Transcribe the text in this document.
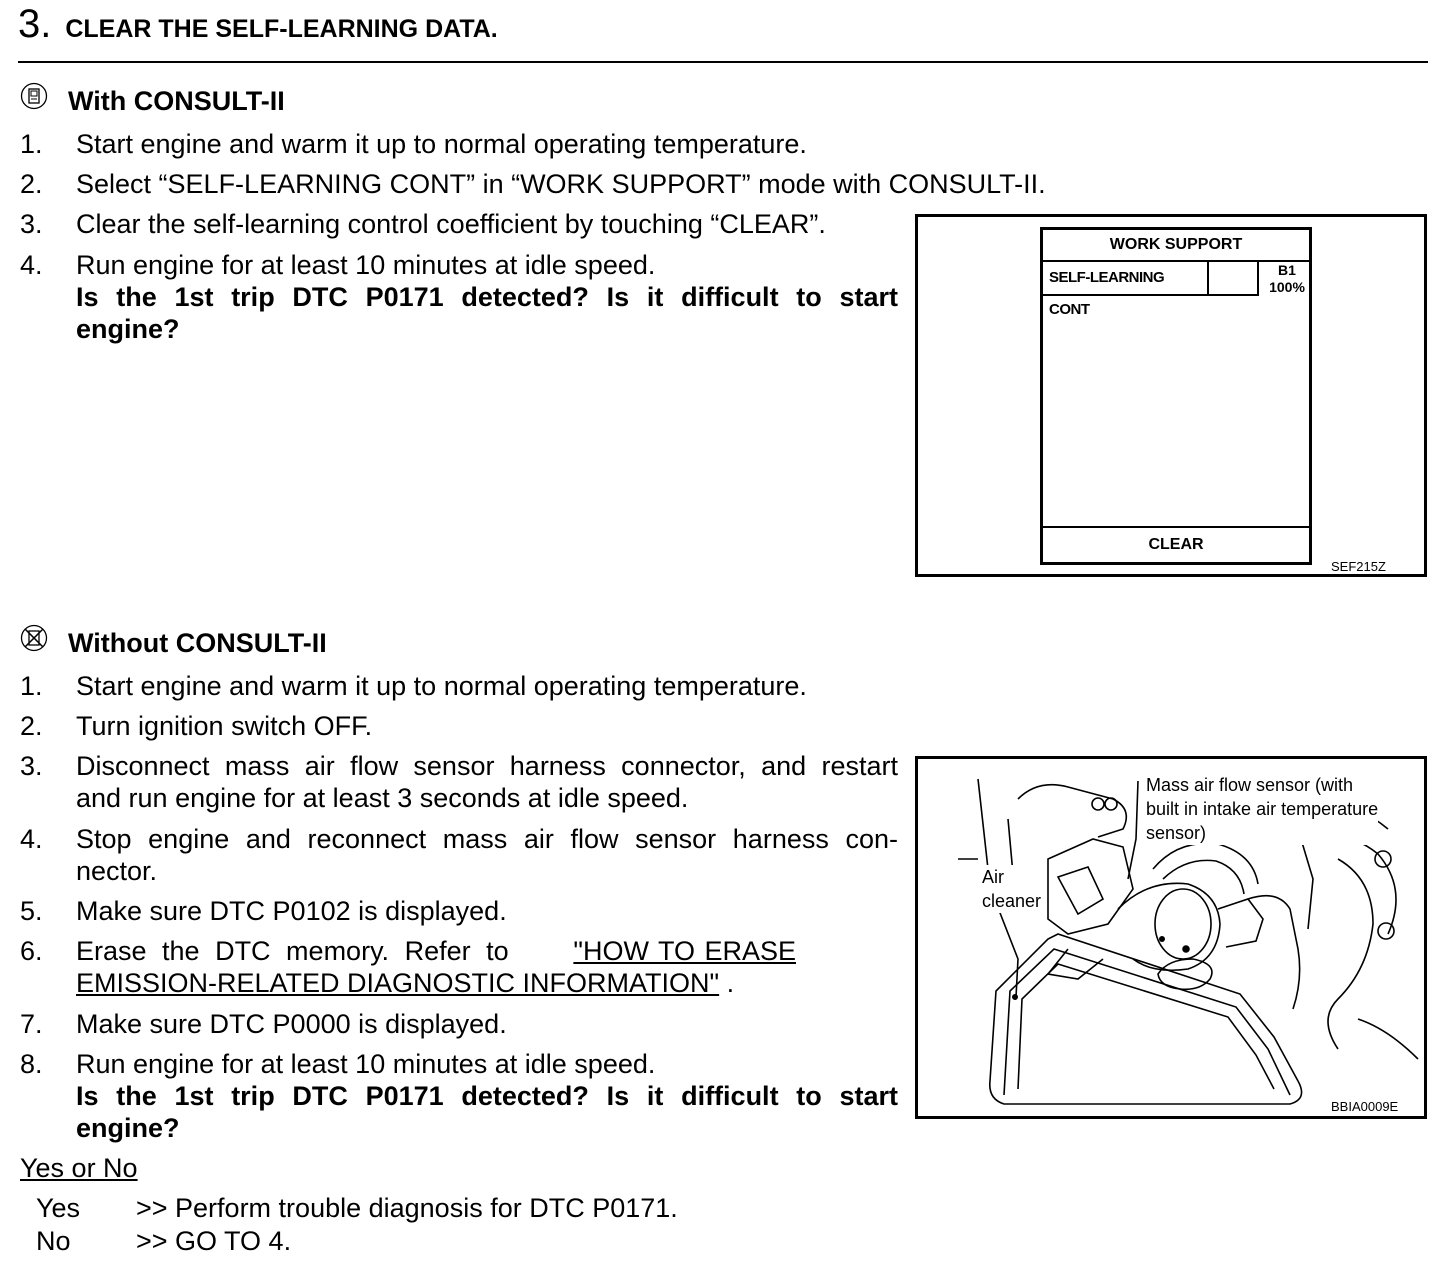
3. CLEAR THE SELF-LEARNING DATA.
With CONSULT-II
1. Start engine and warm it up to normal operating temperature.
2. Select “SELF-LEARNING CONT” in “WORK SUPPORT” mode with CONSULT-II.
3. Clear the self-learning control coefficient by touching “CLEAR”.
4. Run engine for at least 10 minutes at idle speed.
Is the 1st trip DTC P0171 detected? Is it difficult to start
engine?
WORK SUPPORT
SELF-LEARNING CONT
B1
100%
CLEAR
SEF215Z
Without CONSULT-II
1. Start engine and warm it up to normal operating temperature.
2. Turn ignition switch OFF.
3. Disconnect mass air flow sensor harness connector, and restart
and run engine for at least 3 seconds at idle speed.
4. Stop engine and reconnect mass air flow sensor harness con-
nector.
5. Make sure DTC P0102 is displayed.
6. Erase the DTC memory. Refer to "HOW TO ERASE
EMISSION-RELATED DIAGNOSTIC INFORMATION" .
7. Make sure DTC P0000 is displayed.
8. Run engine for at least 10 minutes at idle speed.
Is the 1st trip DTC P0171 detected? Is it difficult to start
engine?
Mass air flow sensor (with
built in intake air temperature
sensor)
Air
cleaner
BBIA0009E
Yes or No
Yes >> Perform trouble diagnosis for DTC P0171.
No >> GO TO 4.
